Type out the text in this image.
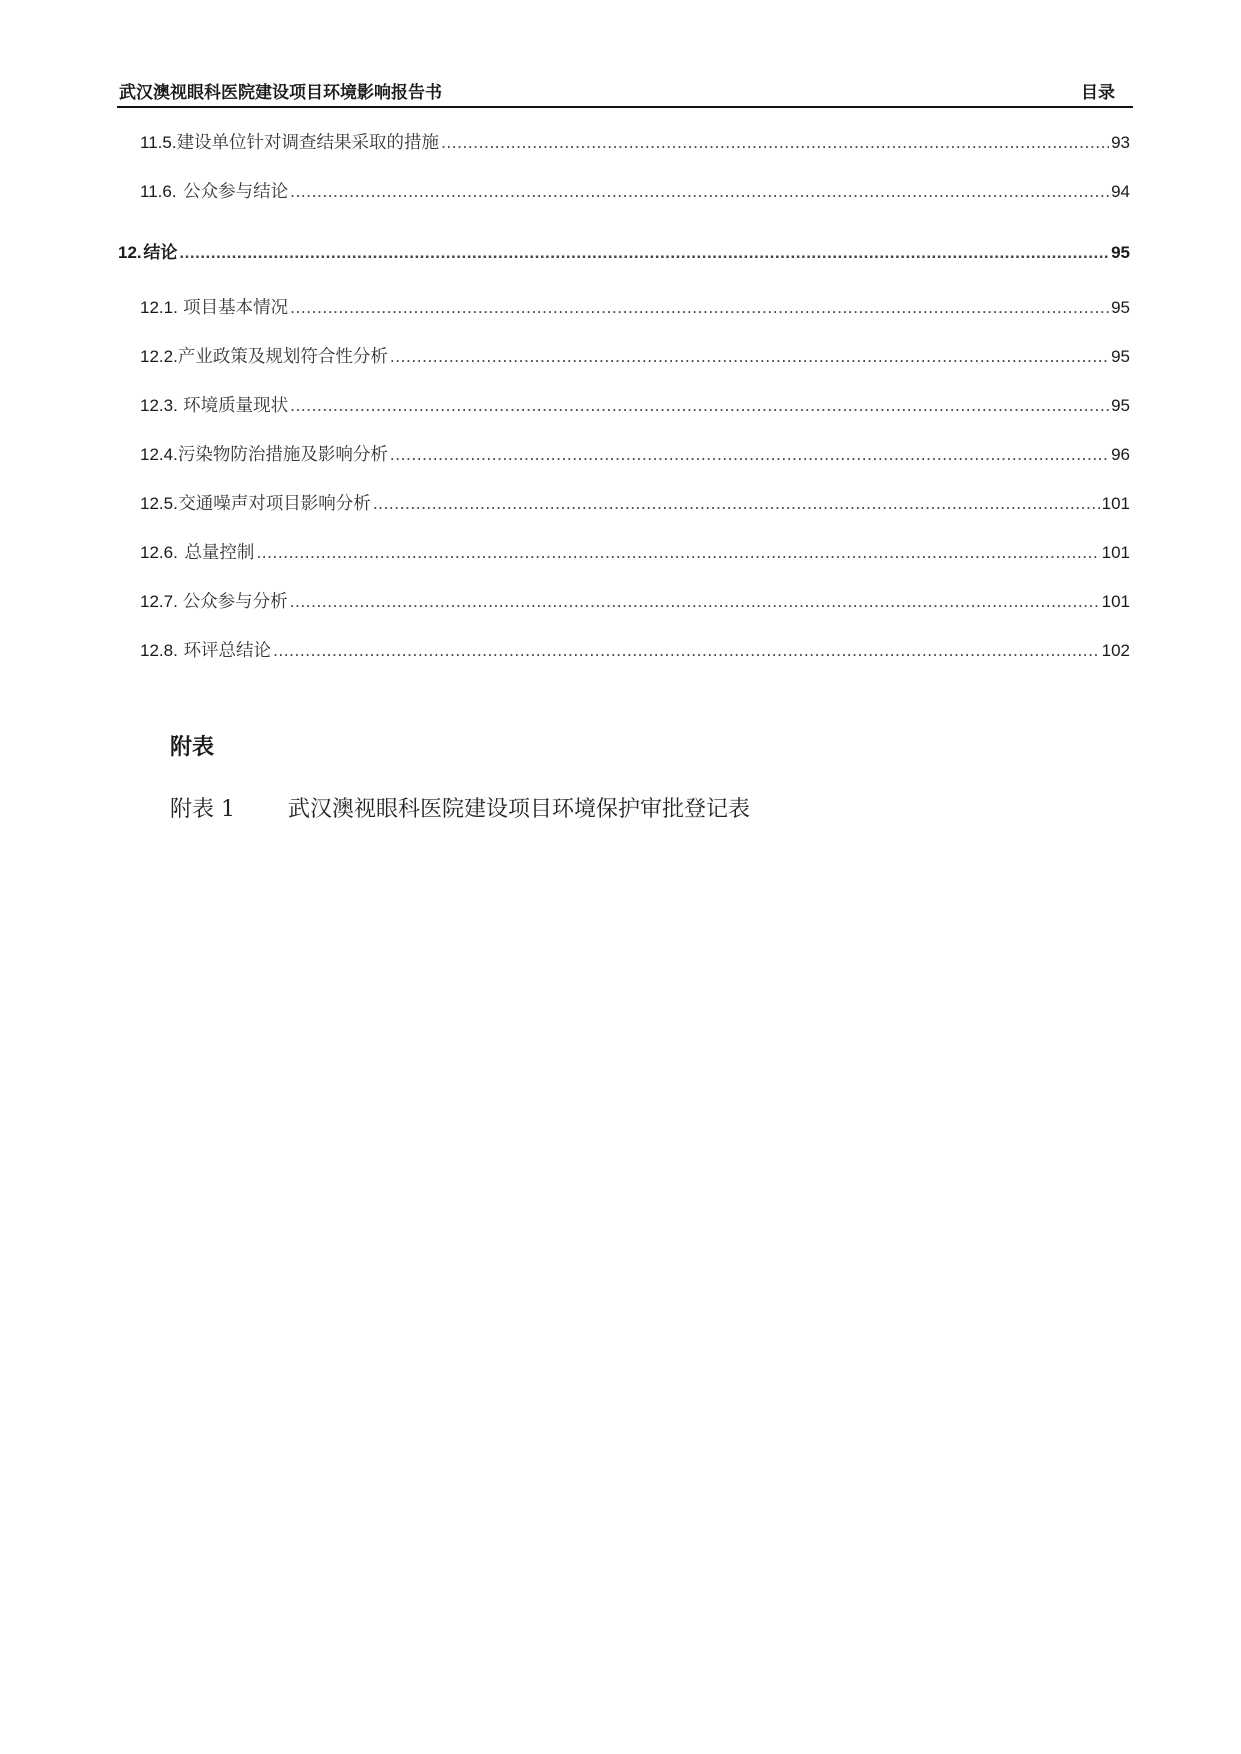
武汉澳视眼科医院建设项目环境影响报告书	目录
11.5. 建设单位针对调查结果采取的措施 .....	93
11.6. 公众参与结论 .....	94
12. 结论 .....	95
12.1. 项目基本情况 .....	95
12.2. 产业政策及规划符合性分析 .....	95
12.3. 环境质量现状 .....	95
12.4. 污染物防治措施及影响分析 .....	96
12.5. 交通噪声对项目影响分析 .....	101
12.6. 总量控制 .....	101
12.7. 公众参与分析 .....	101
12.8. 环评总结论 .....	102
附表
附表 1	武汉澳视眼科医院建设项目环境保护审批登记表
